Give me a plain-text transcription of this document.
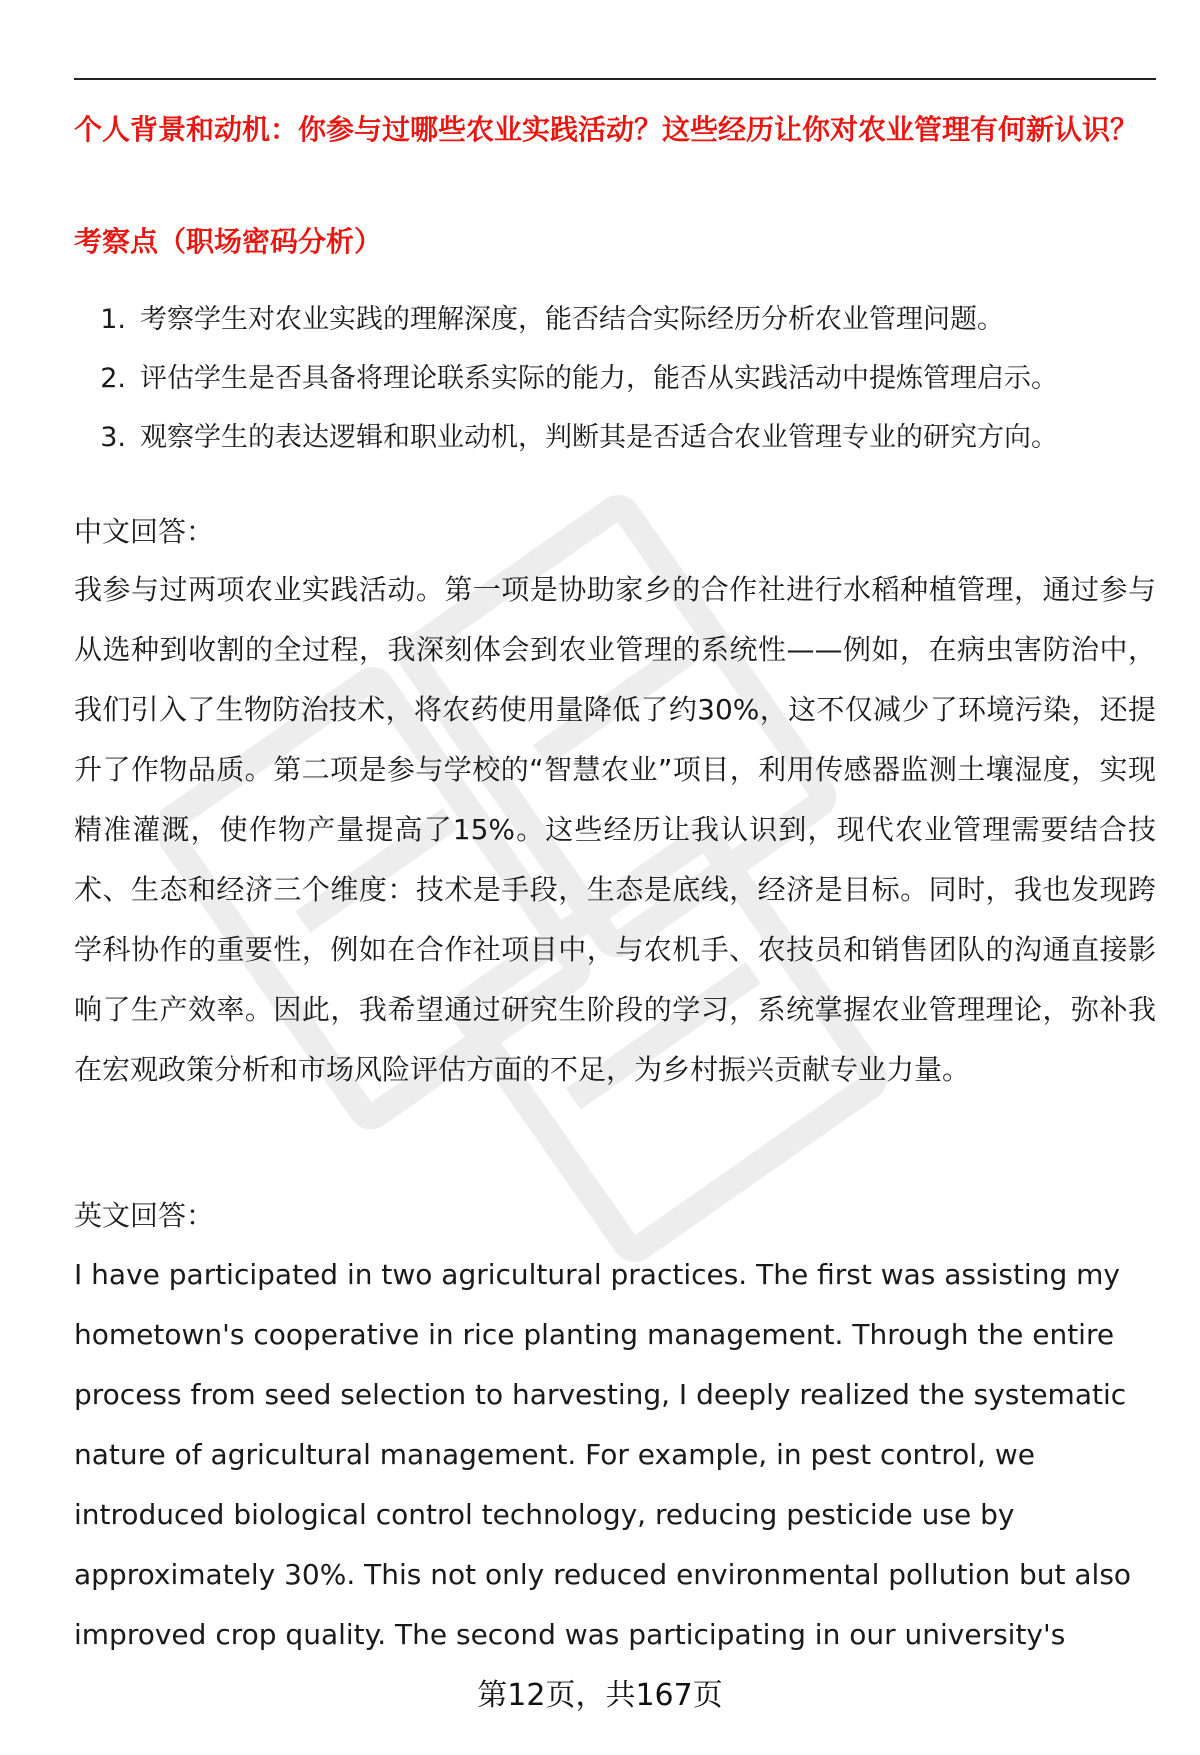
个人背景和动机：你参与过哪些农业实践活动？这些经历让你对农业管理有何新认识？

考察点（职场密码分析）

1. 考察学生对农业实践的理解深度，能否结合实际经历分析农业管理问题。
2. 评估学生是否具备将理论联系实际的能力，能否从实践活动中提炼管理启示。
3. 观察学生的表达逻辑和职业动机，判断其是否适合农业管理专业的研究方向。

中文回答：

我参与过两项农业实践活动。第一项是协助家乡的合作社进行水稻种植管理，通过参与从选种到收割的全过程，我深刻体会到农业管理的系统性——例如，在病虫害防治中，我们引入了生物防治技术，将农药使用量降低了约30%，这不仅减少了环境污染，还提升了作物品质。第二项是参与学校的“智慧农业”项目，利用传感器监测土壤湿度，实现精准灌溉，使作物产量提高了15%。这些经历让我认识到，现代农业管理需要结合技术、生态和经济三个维度：技术是手段，生态是底线，经济是目标。同时，我也发现跨学科协作的重要性，例如在合作社项目中，与农机手、农技员和销售团队的沟通直接影响了生产效率。因此，我希望通过研究生阶段的学习，系统掌握农业管理理论，弥补我在宏观政策分析和市场风险评估方面的不足，为乡村振兴贡献专业力量。

英文回答：

I have participated in two agricultural practices. The first was assisting my hometown's cooperative in rice planting management. Through the entire process from seed selection to harvesting, I deeply realized the systematic nature of agricultural management. For example, in pest control, we introduced biological control technology, reducing pesticide use by approximately 30%. This not only reduced environmental pollution but also improved crop quality. The second was participating in our university's

第12页，共167页
